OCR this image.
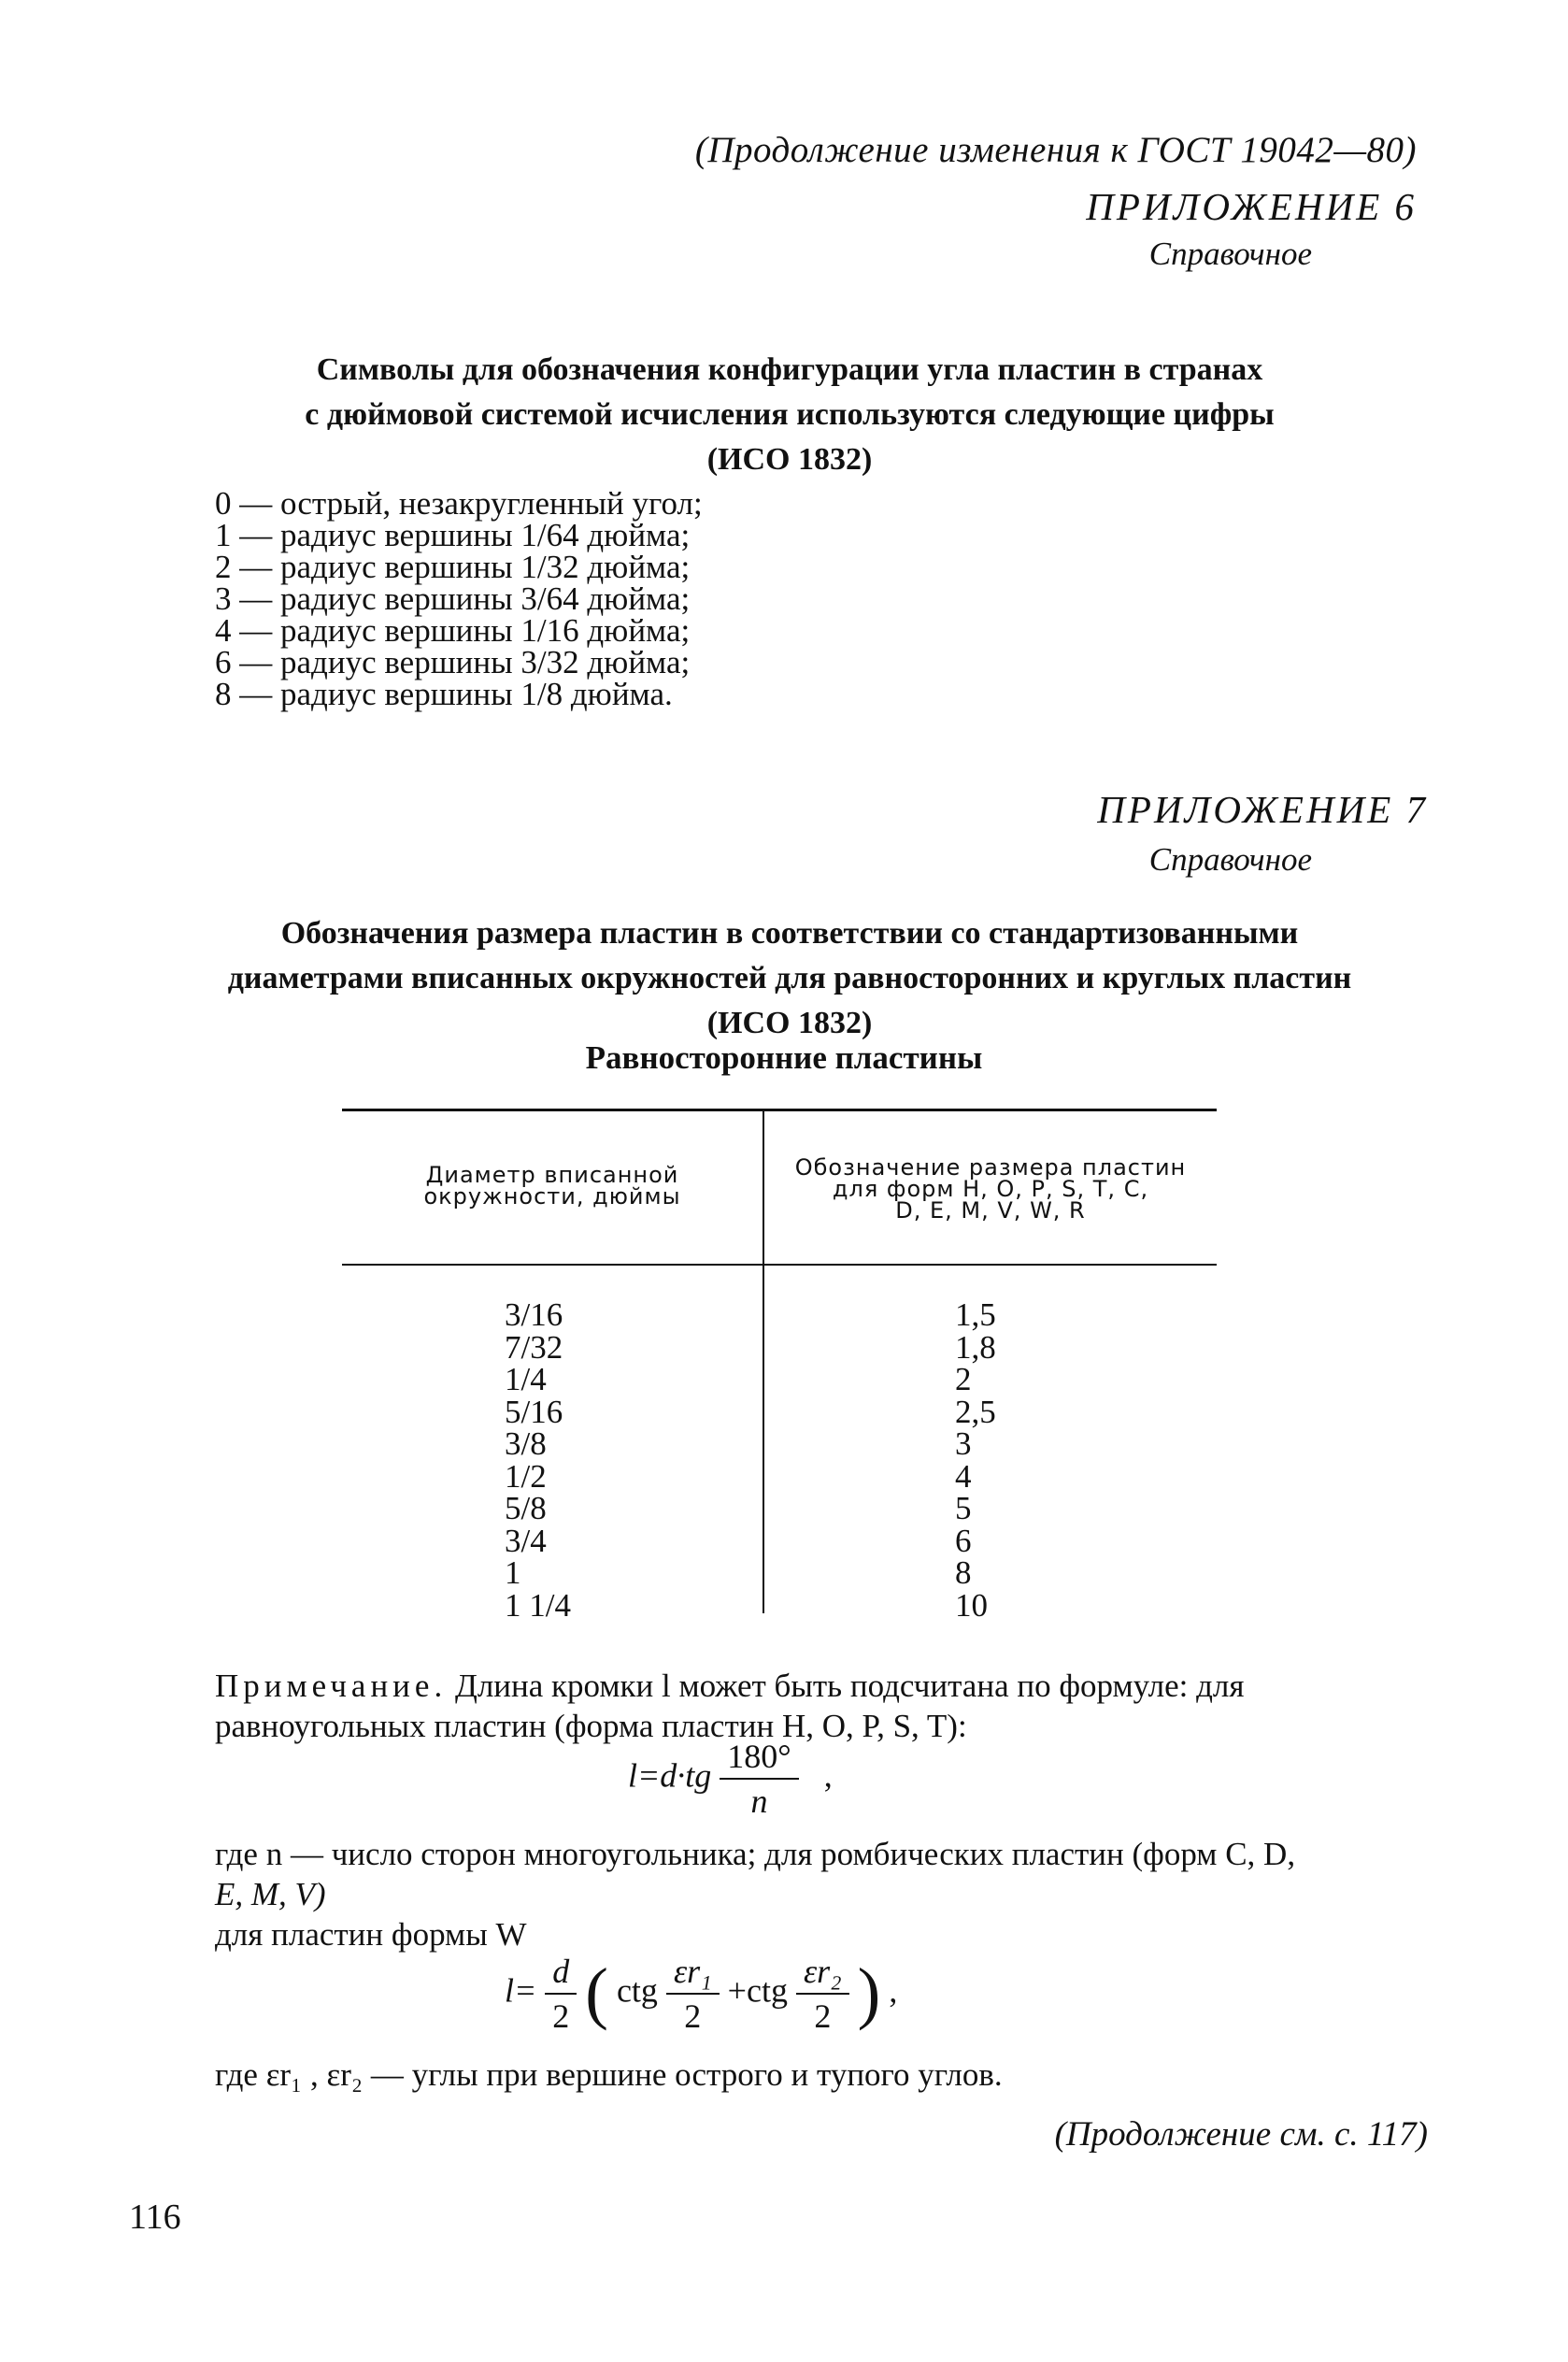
(Продолжение изменения к ГОСТ 19042—80)
ПРИЛОЖЕНИЕ 6
Справочное
Символы для обозначения конфигурации угла пластин в странах
с дюймовой системой исчисления используются следующие цифры
(ИСО 1832)
0 — острый, незакругленный угол;
1 — радиус вершины 1/64 дюйма;
2 — радиус вершины 1/32 дюйма;
3 — радиус вершины 3/64 дюйма;
4 — радиус вершины 1/16 дюйма;
6 — радиус вершины 3/32 дюйма;
8 — радиус вершины 1/8 дюйма.
ПРИЛОЖЕНИЕ 7
Справочное
Обозначения размера пластин в соответствии со стандартизованными
диаметрами вписанных окружностей для равносторонних и круглых пластин
(ИСО 1832)
Равносторонние пластины
Диаметр вписанной
окружности, дюймы
Обозначение размера пластин
для форм H, O, P, S, T, C,
D, E, M, V, W, R
3/16
7/32
1/4
5/16
3/8
1/2
5/8
3/4
1
1 1/4
1,5
1,8
2
2,5
3
4
5
6
8
10
Примечание. Длина кромки l может быть подсчитана по формуле: для
равноугольных пластин (форма пластин H, O, P, S, T):
$l=d\cdot tg \frac{180^\circ}{n}$ ,
где n — число сторон многоугольника; для ромбических пластин (форм C, D,
E, M, V)
для пластин формы W
$l= \frac{d}{2}$ ( ctg $\frac{\text{εr₁}}{2} +ctg \frac{\text{εr₂}}{2}$ ) ,
где εr₁ , εr₂ — углы при вершине острого и тупого углов.
(Продолжение см. с. 117)
116
